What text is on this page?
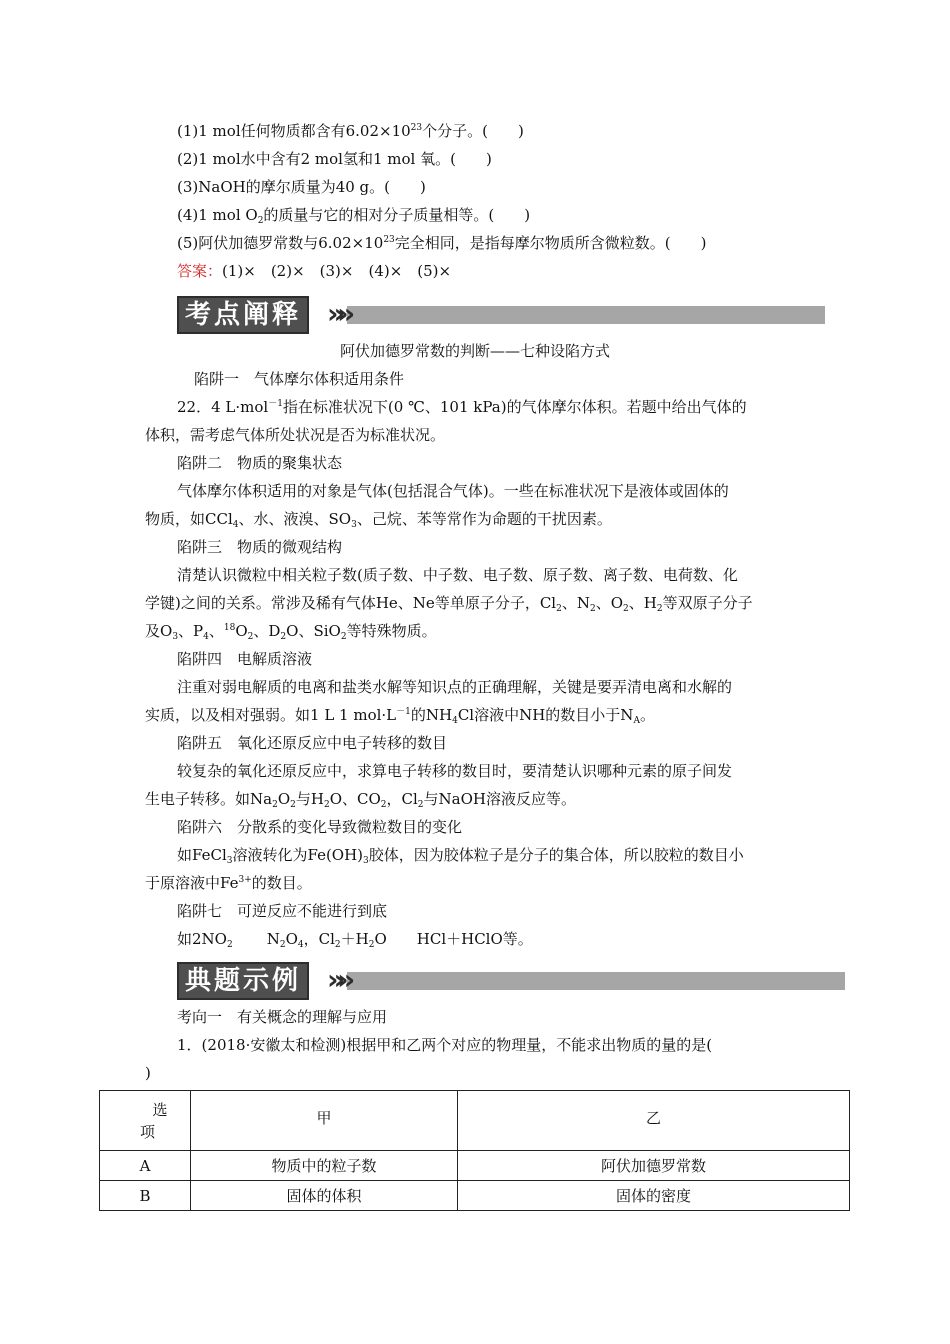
(1)1 mol任何物质都含有$6.02\times 10^{23}$个分子。(　　)
(2)1 mol水中含有2 mol氢和1 mol 氧。(　　)
(3)NaOH的摩尔质量为40 g。(　　)
(4)1 mol $O_2$的质量与它的相对分子质量相等。(　　)
(5)阿伏加德罗常数与$6.02\times 10^{23}$完全相同，是指每摩尔物质所含微粒数。(　　)
答案：(1)×　(2)×　(3)×　(4)×　(5)×
考点阐释 »»
阿伏加德罗常数的判断——七种设陷方式
陷阱一　气体摩尔体积适用条件
22．4 L·mol$^{-1}$指在标准状况下(0 ℃、101 kPa)的气体摩尔体积。若题中给出气体的
体积，需考虑气体所处状况是否为标准状况。
陷阱二　物质的聚集状态
气体摩尔体积适用的对象是气体(包括混合气体)。一些在标准状况下是液体或固体的
物质，如CCl$_4$、水、液溴、$SO_3$、己烷、苯等常作为命题的干扰因素。
陷阱三　物质的微观结构
清楚认识微粒中相关粒子数(质子数、中子数、电子数、原子数、离子数、电荷数、化
学键)之间的关系。常涉及稀有气体He、Ne等单原子分子，$Cl_2$、$N_2$、$O_2$、$H_2$等双原子分子
及$O_3$、$P_4$、$^{18}O_2$、$D_2O$、SiO$_2$等特殊物质。
陷阱四　电解质溶液
注重对弱电解质的电离和盐类水解等知识点的正确理解，关键是要弄清电离和水解的
实质，以及相对强弱。如1 L 1 $mol\cdot L^{-1}$的$NH_4Cl$溶液中NH的数目小于$N_A$。
陷阱五　氧化还原反应中电子转移的数目
较复杂的氧化还原反应中，求算电子转移的数目时，要清楚认识哪种元素的原子间发
生电子转移。如$Na_2O_2$与$H_2O$、$CO_2$，$Cl_2$与NaOH溶液反应等。
陷阱六　分散系的变化导致微粒数目的变化
如FeCl$_3$溶液转化为$Fe(OH)_3$胶体，因为胶体粒子是分子的集合体，所以胶粒的数目小
于原溶液中$Fe^{3+}$的数目。
陷阱七　可逆反应不能进行到底
如$2NO_2$ $N_2O_4$，$Cl_2+H_2O$ HCl＋HClO等。
典题示例 »»
考向一　有关概念的理解与应用
1．(2018·安徽太和检测)根据甲和乙两个对应的物理量，不能求出物质的量的是(
)
选
项	甲	乙
A	物质中的粒子数	阿伏加德罗常数
B	固体的体积	固体的密度
